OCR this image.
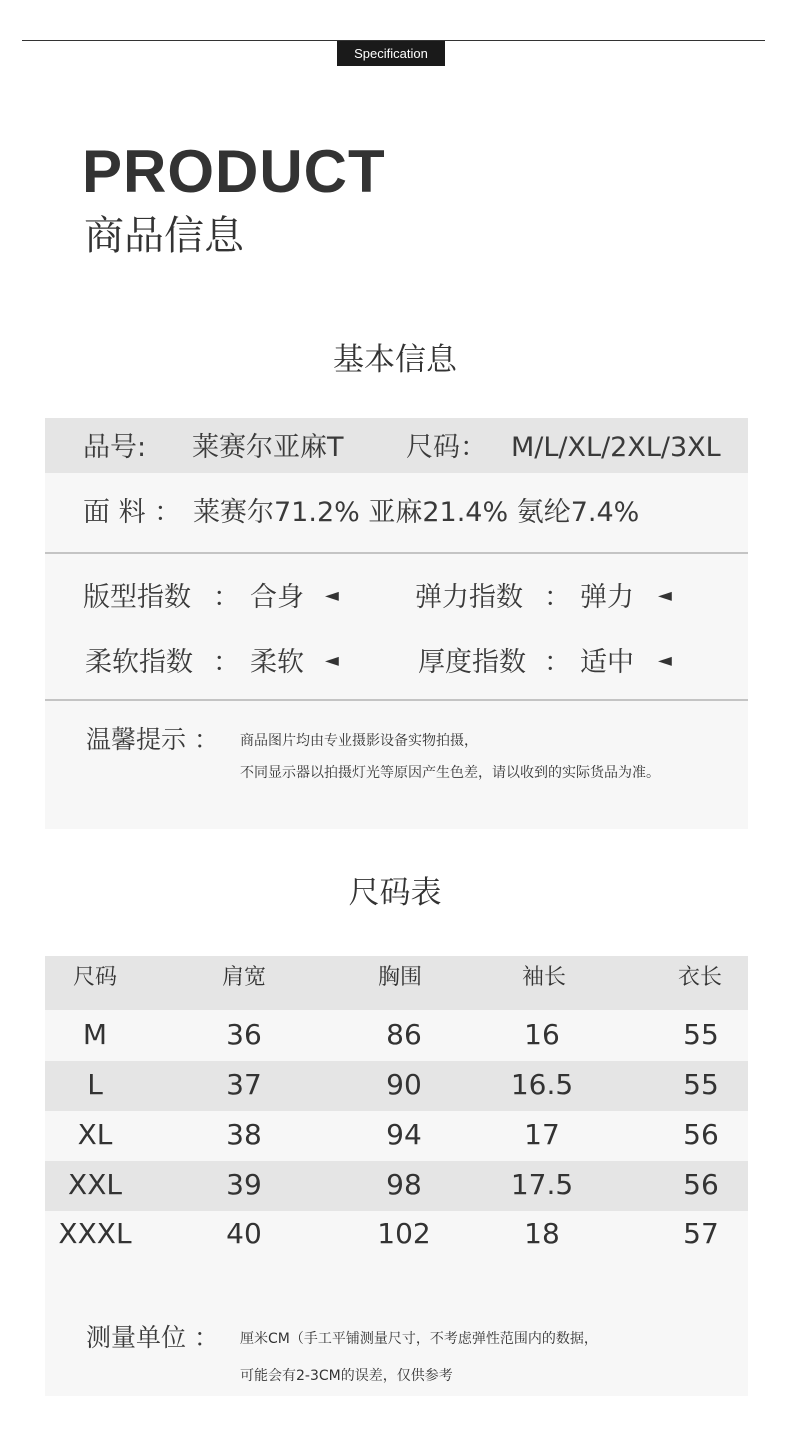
Specification
PRODUCT
商品信息
基本信息
品号: 莱赛尔亚麻T 尺码： M/L/XL/2XL/3XL
面 料 ： 莱赛尔71.2% 亚麻21.4% 氨纶7.4%
版型指数 ： 合身 ◄	弹力指数 ： 弹力 ◄
柔软指数 ： 柔软 ◄	厚度指数 ： 适中 ◄
温馨提示 ： 商品图片均由专业摄影设备实物拍摄，
不同显示器以拍摄灯光等原因产生色差，请以收到的实际货品为准。
尺码表
尺码	肩宽	胸围	袖长	衣长
M	36	86	16	55
L	37	90	16.5	55
XL	38	94	17	56
XXL	39	98	17.5	56
XXXL	40	102	18	57
测量单位 ： 厘米CM（手工平铺测量尺寸，不考虑弹性范围内的数据，
可能会有2-3CM的误差，仅供参考
